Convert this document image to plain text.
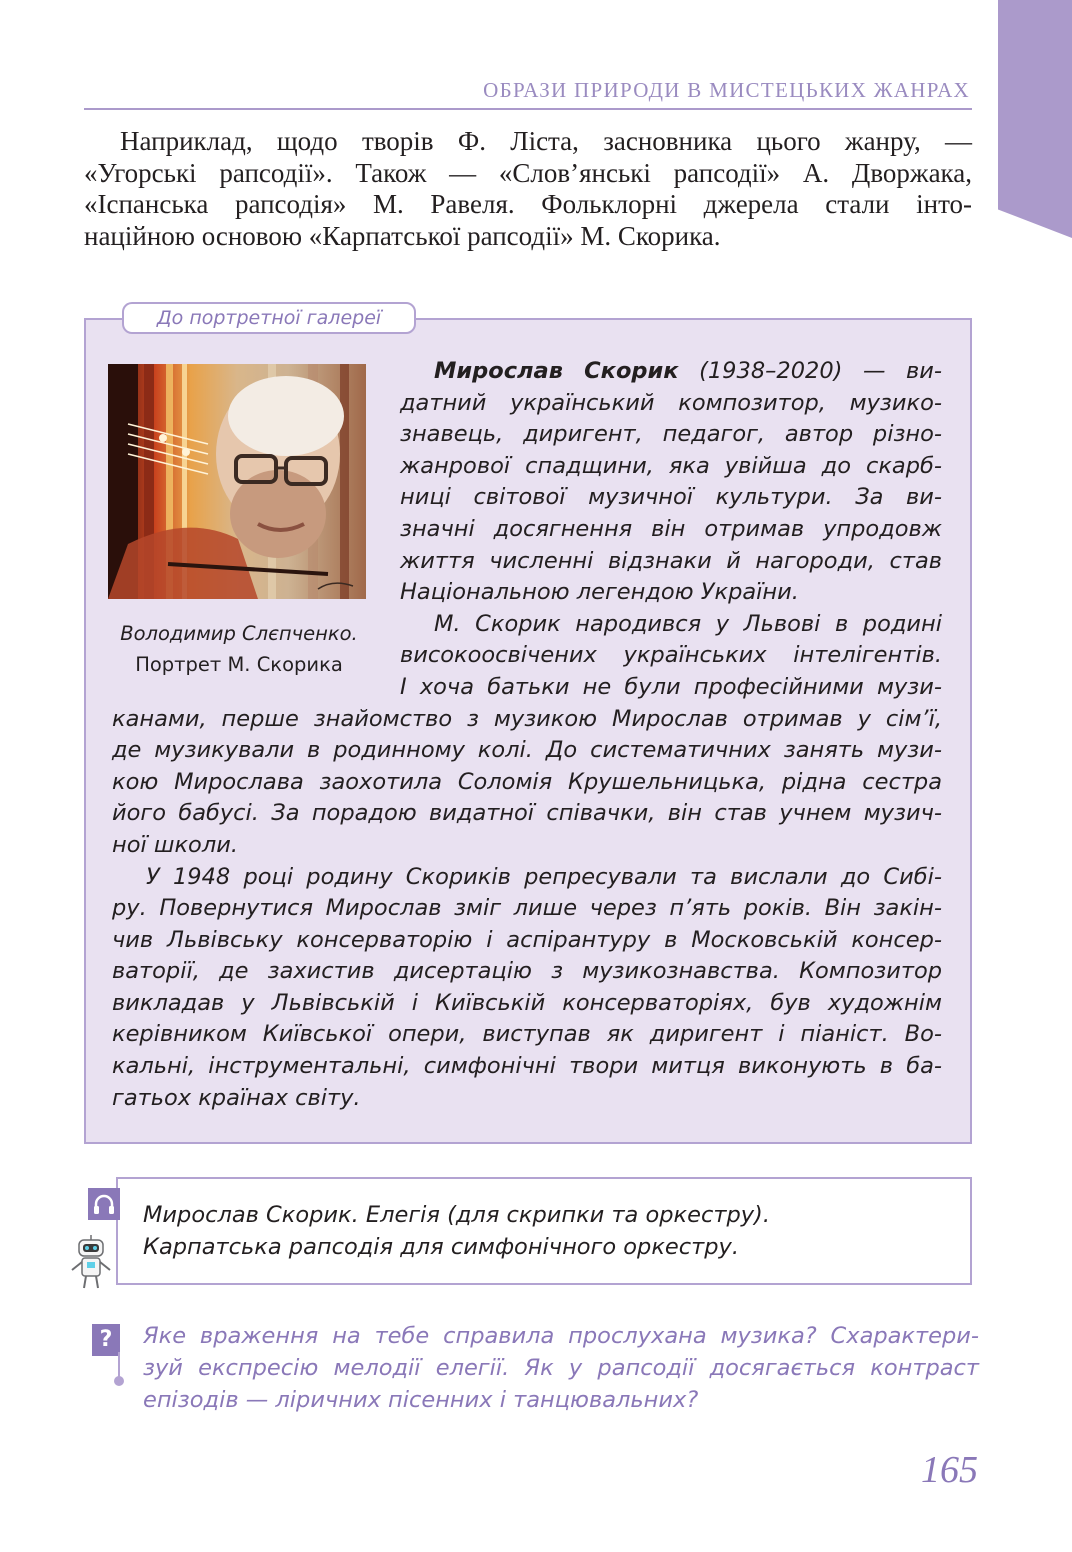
ОБРАЗИ ПРИРОДИ В МИСТЕЦЬКИХ ЖАНРАХ
Наприклад, щодо творів Ф. Ліста, засновника цього жанру, —
«Угорські рапсодії». Також — «Слов’янські рапсодії» А. Дворжака,
«Іспанська рапсодія» М. Равеля. Фольклорні джерела стали інто-
наційною основою «Карпатської рапсодії» М. Скорика.
До портретної галереї
Володимир Слєпченко.
Портрет М. Скорика
Мирослав Скорик (1938–2020) — ви-
датний український композитор, музико-
знавець, диригент, педагог, автор різно-
жанрової спадщини, яка увійша до скарб-
ниці світової музичної культури. За ви-
значні досягнення він отримав упродовж
життя численні відзнаки й нагороди, став
Національною легендою України.
М. Скорик народився у Львові в родині
високоосвічених українських інтелігентів.
І хоча батьки не були професійними музи-
канами, перше знайомство з музикою Мирослав отримав у сім’ї,
де музикували в родинному колі. До систематичних занять музи-
кою Мирослава заохотила Соломія Крушельницька, рідна сестра
його бабусі. За порадою видатної співачки, він став учнем музич-
ної школи.
У 1948 році родину Скориків репресували та вислали до Сибі-
ру. Повернутися Мирослав зміг лише через п’ять років. Він закін-
чив Львівську консерваторію і аспірантуру в Московській консер-
ваторії, де захистив дисертацію з музикознавства. Композитор
викладав у Львівській і Київській консерваторіях, був художнім
керівником Київської опери, виступав як диригент і піаніст. Во-
кальні, інструментальні, симфонічні твори митця виконують в ба-
гатьох країнах світу.
Мирослав Скорик. Елегія (для скрипки та оркестру).
Карпатська рапсодія для симфонічного оркестру.
?	Яке враження на тебе справила прослухана музика? Схарактери-
зуй експресію мелодії елегії. Як у рапсодії досягається контраст
епізодів — ліричних пісенних і танцювальних?
165
